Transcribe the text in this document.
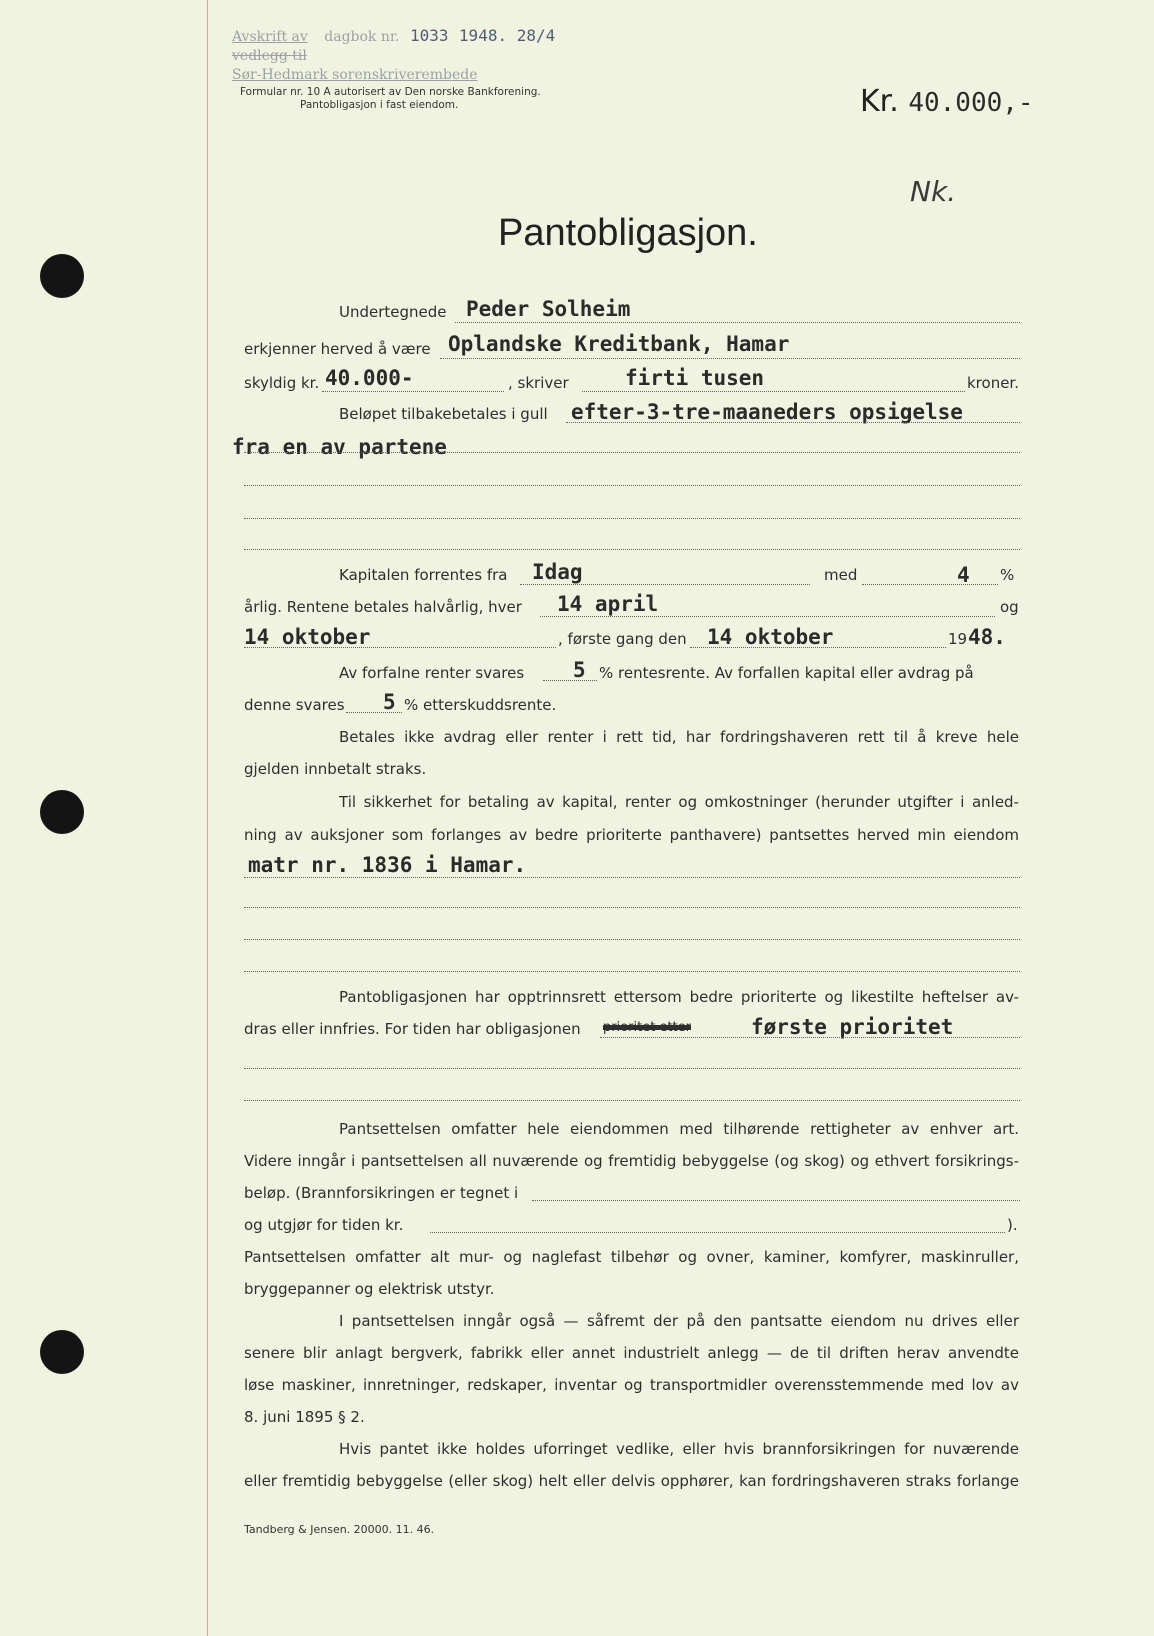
Avskrift av dagbok nr. 1033 1948. 28/4
vedlegg til
Sør-Hedmark sorenskriverembede
Formular nr. 10 A autorisert av Den norske Bankforening.
Pantobligasjon i fast eiendom.	Kr. 40.000,-
Nk.
Pantobligasjon.
Undertegnede Peder Solheim
erkjenner herved å være Oplandske Kreditbank, Hamar
skyldig kr. 40.000-	, skriver	firti tusen	kroner.
Beløpet tilbakebetales i gull efter-3-tre-maaneders opsigelse
fra en av partene
Kapitalen forrentes fra Idag	med	4 %
årlig. Rentene betales halvårlig, hver 14 april	og
14 oktober	, første gang den 14 oktober	19 48.
Av forfalne renter svares 5 % rentesrente. Av forfallen kapital eller avdrag på
denne svares 5 % etterskuddsrente.
Betales ikke avdrag eller renter i rett tid, har fordringshaveren rett til å kreve hele
gjelden innbetalt straks.
Til sikkerhet for betaling av kapital, renter og omkostninger (herunder utgifter i anled-
ning av auksjoner som forlanges av bedre prioriterte panthavere) pantsettes herved min eiendom
matr nr. 1836 i Hamar.
Pantobligasjonen har opptrinnsrett ettersom bedre prioriterte og likestilte heftelser av-
dras eller innfries. For tiden har obligasjonen prioritet etter	første prioritet
Pantsettelsen omfatter hele eiendommen med tilhørende rettigheter av enhver art.
Videre inngår i pantsettelsen all nuværende og fremtidig bebyggelse (og skog) og ethvert forsikrings-
beløp. (Brannforsikringen er tegnet i
og utgjør for tiden kr.	).
Pantsettelsen omfatter alt mur- og naglefast tilbehør og ovner, kaminer, komfyrer, maskinruller,
bryggepanner og elektrisk utstyr.
I pantsettelsen inngår også — såfremt der på den pantsatte eiendom nu drives eller
senere blir anlagt bergverk, fabrikk eller annet industrielt anlegg — de til driften herav anvendte
løse maskiner, innretninger, redskaper, inventar og transportmidler overensstemmende med lov av
8. juni 1895 § 2.
Hvis pantet ikke holdes uforringet vedlike, eller hvis brannforsikringen for nuværende
eller fremtidig bebyggelse (eller skog) helt eller delvis opphører, kan fordringshaveren straks forlange
Tandberg & Jensen. 20000. 11. 46.
